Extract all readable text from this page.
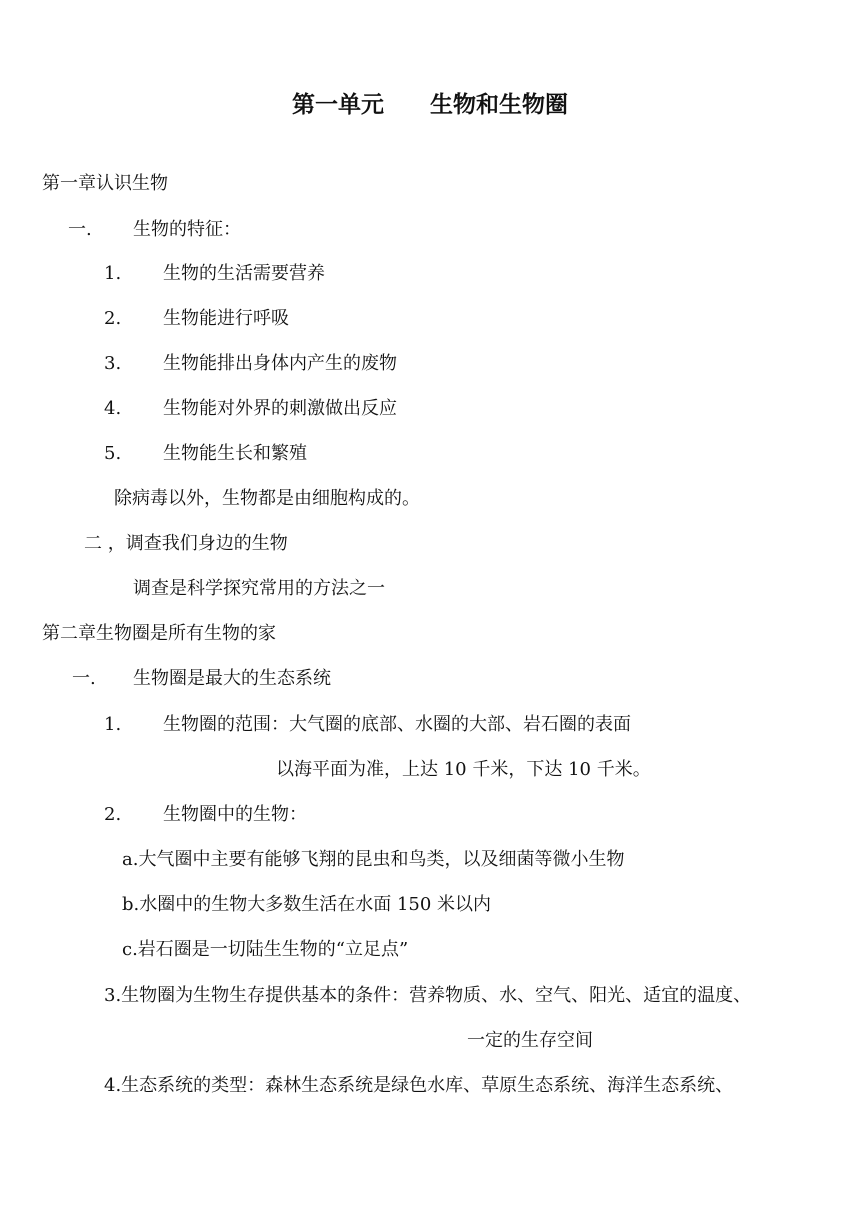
第一单元　　生物和生物圈
第一章认识生物
一. 生物的特征：
1. 生物的生活需要营养
2. 生物能进行呼吸
3. 生物能排出身体内产生的废物
4. 生物能对外界的刺激做出反应
5. 生物能生长和繁殖
除病毒以外，生物都是由细胞构成的。
二 ，调查我们身边的生物
调查是科学探究常用的方法之一
第二章生物圈是所有生物的家
一. 生物圈是最大的生态系统
1. 生物圈的范围：大气圈的底部、水圈的大部、岩石圈的表面
以海平面为准，上达 10 千米，下达 10 千米。
2. 生物圈中的生物：
a.大气圈中主要有能够飞翔的昆虫和鸟类，以及细菌等微小生物
b.水圈中的生物大多数生活在水面 150 米以内
c.岩石圈是一切陆生生物的“立足点”
3.生物圈为生物生存提供基本的条件：营养物质、水、空气、阳光、适宜的温度、
一定的生存空间
4.生态系统的类型：森林生态系统是绿色水库、草原生态系统、海洋生态系统、
